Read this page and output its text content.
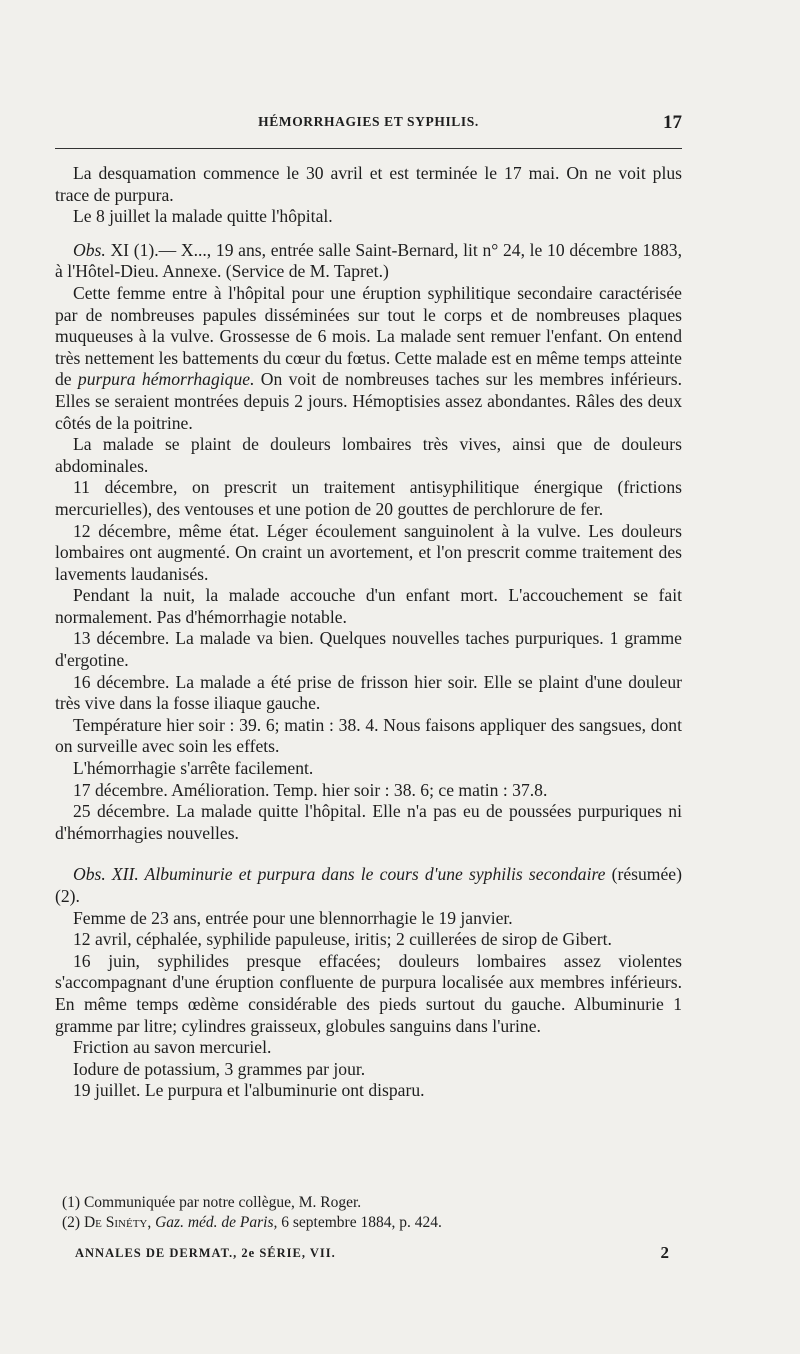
HÉMORRHAGIES ET SYPHILIS.	17

La desquamation commence le 30 avril et est terminée le 17 mai. On ne voit plus trace de purpura.

Le 8 juillet la malade quitte l'hôpital.

Obs. XI (1).— X..., 19 ans, entrée salle Saint-Bernard, lit n° 24, le 10 décembre 1883, à l'Hôtel-Dieu. Annexe. (Service de M. Tapret.)

Cette femme entre à l'hôpital pour une éruption syphilitique secondaire caractérisée par de nombreuses papules disséminées sur tout le corps et de nombreuses plaques muqueuses à la vulve. Grossesse de 6 mois. La malade sent remuer l'enfant. On entend très nettement les battements du cœur du fœtus. Cette malade est en même temps atteinte de purpura hémorrhagique. On voit de nombreuses taches sur les membres inférieurs. Elles se seraient montrées depuis 2 jours. Hémoptisies assez abondantes. Râles des deux côtés de la poitrine.

La malade se plaint de douleurs lombaires très vives, ainsi que de douleurs abdominales.

11 décembre, on prescrit un traitement antisyphilitique énergique (frictions mercurielles), des ventouses et une potion de 20 gouttes de perchlorure de fer.

12 décembre, même état. Léger écoulement sanguinolent à la vulve. Les douleurs lombaires ont augmenté. On craint un avortement, et l'on prescrit comme traitement des lavements laudanisés.

Pendant la nuit, la malade accouche d'un enfant mort. L'accouchement se fait normalement. Pas d'hémorrhagie notable.

13 décembre. La malade va bien. Quelques nouvelles taches purpuriques. 1 gramme d'ergotine.

16 décembre. La malade a été prise de frisson hier soir. Elle se plaint d'une douleur très vive dans la fosse iliaque gauche.

Température hier soir : 39. 6; matin : 38. 4. Nous faisons appliquer des sangsues, dont on surveille avec soin les effets.

L'hémorrhagie s'arrête facilement.

17 décembre. Amélioration. Temp. hier soir : 38. 6; ce matin : 37.8.

25 décembre. La malade quitte l'hôpital. Elle n'a pas eu de poussées purpuriques ni d'hémorrhagies nouvelles.

Obs. XII. Albuminurie et purpura dans le cours d'une syphilis secondaire (résumée) (2).

Femme de 23 ans, entrée pour une blennorrhagie le 19 janvier.

12 avril, céphalée, syphilide papuleuse, iritis; 2 cuillerées de sirop de Gibert.

16 juin, syphilides presque effacées; douleurs lombaires assez violentes s'accompagnant d'une éruption confluente de purpura localisée aux membres inférieurs. En même temps œdème considérable des pieds surtout du gauche. Albuminurie 1 gramme par litre; cylindres graisseux, globules sanguins dans l'urine.

Friction au savon mercuriel.

Iodure de potassium, 3 grammes par jour.

19 juillet. Le purpura et l'albuminurie ont disparu.

(1) Communiquée par notre collègue, M. Roger.

(2) De Sinéty, Gaz. méd. de Paris, 6 septembre 1884, p. 424.

ANNALES DE DERMAT., 2e SÉRIE, VII.	2
